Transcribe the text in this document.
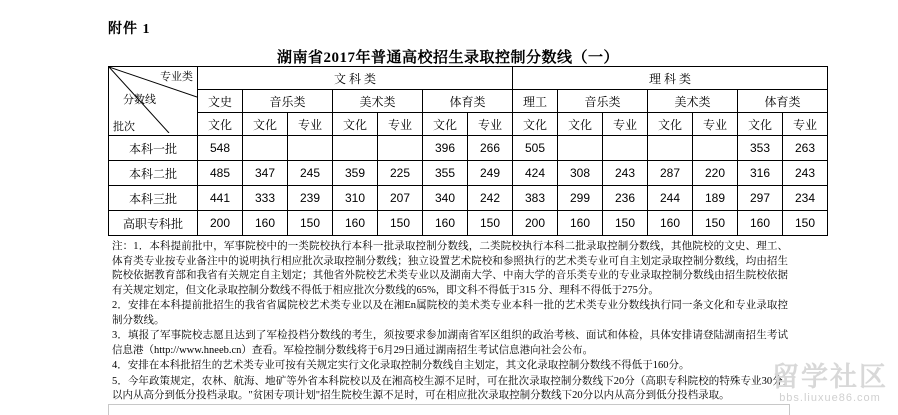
附件 1
湖南省2017年普通高校招生录取控制分数线（一）
专业类
分数线
批次	文 科 类							理 科 类						
	文史	音乐类		美术类		体育类		理工	音乐类		美术类		体育类	
	文化	文化	专业	文化	专业	文化	专业	文化	文化	专业	文化	专业	文化	专业
本科一批	548					396	266	505					353	263
本科二批	485	347	245	359	225	355	249	424	308	243	287	220	316	243
本科三批	441	333	239	310	207	340	242	383	299	236	244	189	297	234
高职专科批	200	160	150	160	150	160	150	200	160	150	160	150	160	150

注：1．本科提前批中，军事院校中的一类院校执行本科一批录取控制分数线，二类院校执行本科二批录取控制分数线，其他院校的文史、理工、体育类专业按专业备注中的说明执行相应批次录取控制分数线；独立设置艺术院校和参照执行的艺术类专业可自主划定录取控制分数线，均由招生院校依据教育部和我省有关规定自主划定；其他省外院校艺术类专业以及湖南大学、中南大学的音乐类专业的专业录取控制分数线由招生院校依据有关规定划定，但文化录取控制分数线不得低于相应批次分数线的65%，即文科不得低于315 分、理科不得低于275分。

2．安排在本科提前批招生的我省省属院校艺术类专业以及在湘En属院校的美术类专业本科一批的艺术类专业分数线执行同一条文化和专业录取控制分数线。

3．填报了军事院校志愿且达到了军检投档分数线的考生，须按要求参加湖南省军区组织的政治考核、面试和体检，具体安排请登陆湖南招生考试信息港（http://www.hneeb.cn）查看。军检控制分数线将于6月29日通过湖南招生考试信息港向社会公布。

4．安排在本科批招生的艺术类专业可按有关规定实行文化录取控制分数线自主划定，其文化录取控制分数线不得低于160分。

5．今年政策规定，农林、航海、地矿等外省本科院校以及在湘高校生源不足时，可在批次录取控制分数线下20分（高职专科院校的特殊专业30分）以内从高分到低分投档录取。"贫困专项计划"招生院校生源不足时，可在相应批次录取控制分数线下20分以内从高分到低分投档录取。

留学社区
bbs.liuxue86.com
